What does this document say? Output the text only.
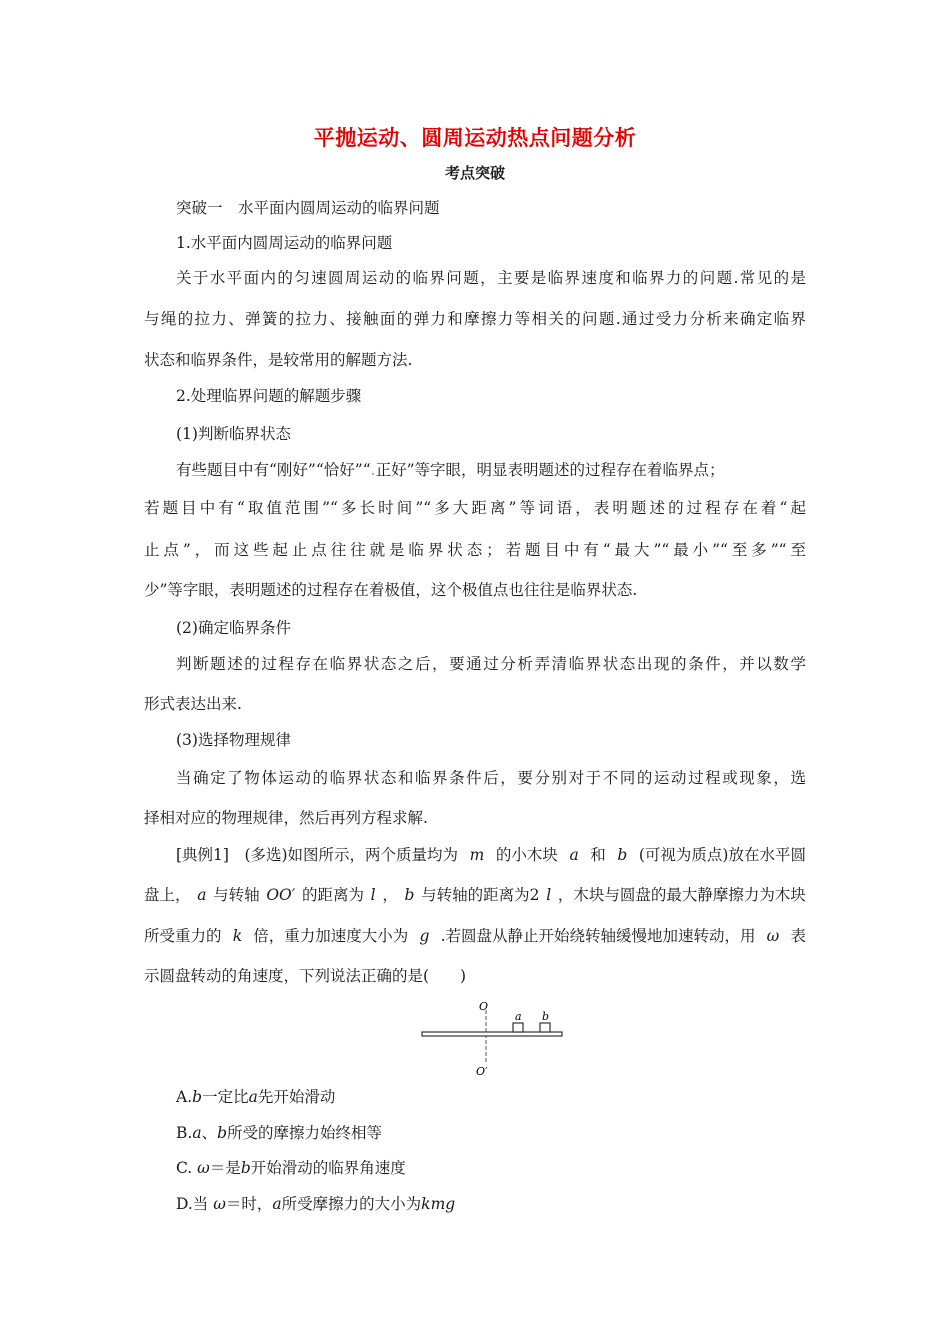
平抛运动、圆周运动热点问题分析
考点突破
突破一　水平面内圆周运动的临界问题
1.水平面内圆周运动的临界问题
关于水平面内的匀速圆周运动的临界问题，主要是临界速度和临界力的问题.常见的是
与绳的拉力、弹簧的拉力、接触面的弹力和摩擦力等相关的问题.通过受力分析来确定临界
状态和临界条件，是较常用的解题方法.
2.处理临界问题的解题步骤
(1)判断临界状态
有些题目中有“刚好”“恰好”“.正好”等字眼，明显表明题述的过程存在着临界点；
若题目中有“取值范围”“多长时间”“多大距离”等词语，表明题述的过程存在着“起
止点”，而这些起止点往往就是临界状态；若题目中有“最大”“最小”“至多”“至
少”等字眼，表明题述的过程存在着极值，这个极值点也往往是临界状态.
(2)确定临界条件
判断题述的过程存在临界状态之后，要通过分析弄清临界状态出现的条件，并以数学
形式表达出来.
(3)选择物理规律
当确定了物体运动的临界状态和临界条件后，要分别对于不同的运动过程或现象，选
择相对应的物理规律，然后再列方程求解.
[典例1]　(多选)如图所示，两个质量均为 m 的小木块 a 和 b (可视为质点)放在水平圆
盘上， a 与转轴 OO′ 的距离为 l ， b 与转轴的距离为2 l ，木块与圆盘的最大静摩擦力为木块
所受重力的 k 倍，重力加速度大小为 g .若圆盘从静止开始绕转轴缓慢地加速转动，用 ω 表
示圆盘转动的角速度，下列说法正确的是(　　)
O
a b
O′
A.b一定比a先开始滑动
B.a、b所受的摩擦力始终相等
C. ω＝是b开始滑动的临界角速度
D.当 ω＝时，a所受摩擦力的大小为kmg
